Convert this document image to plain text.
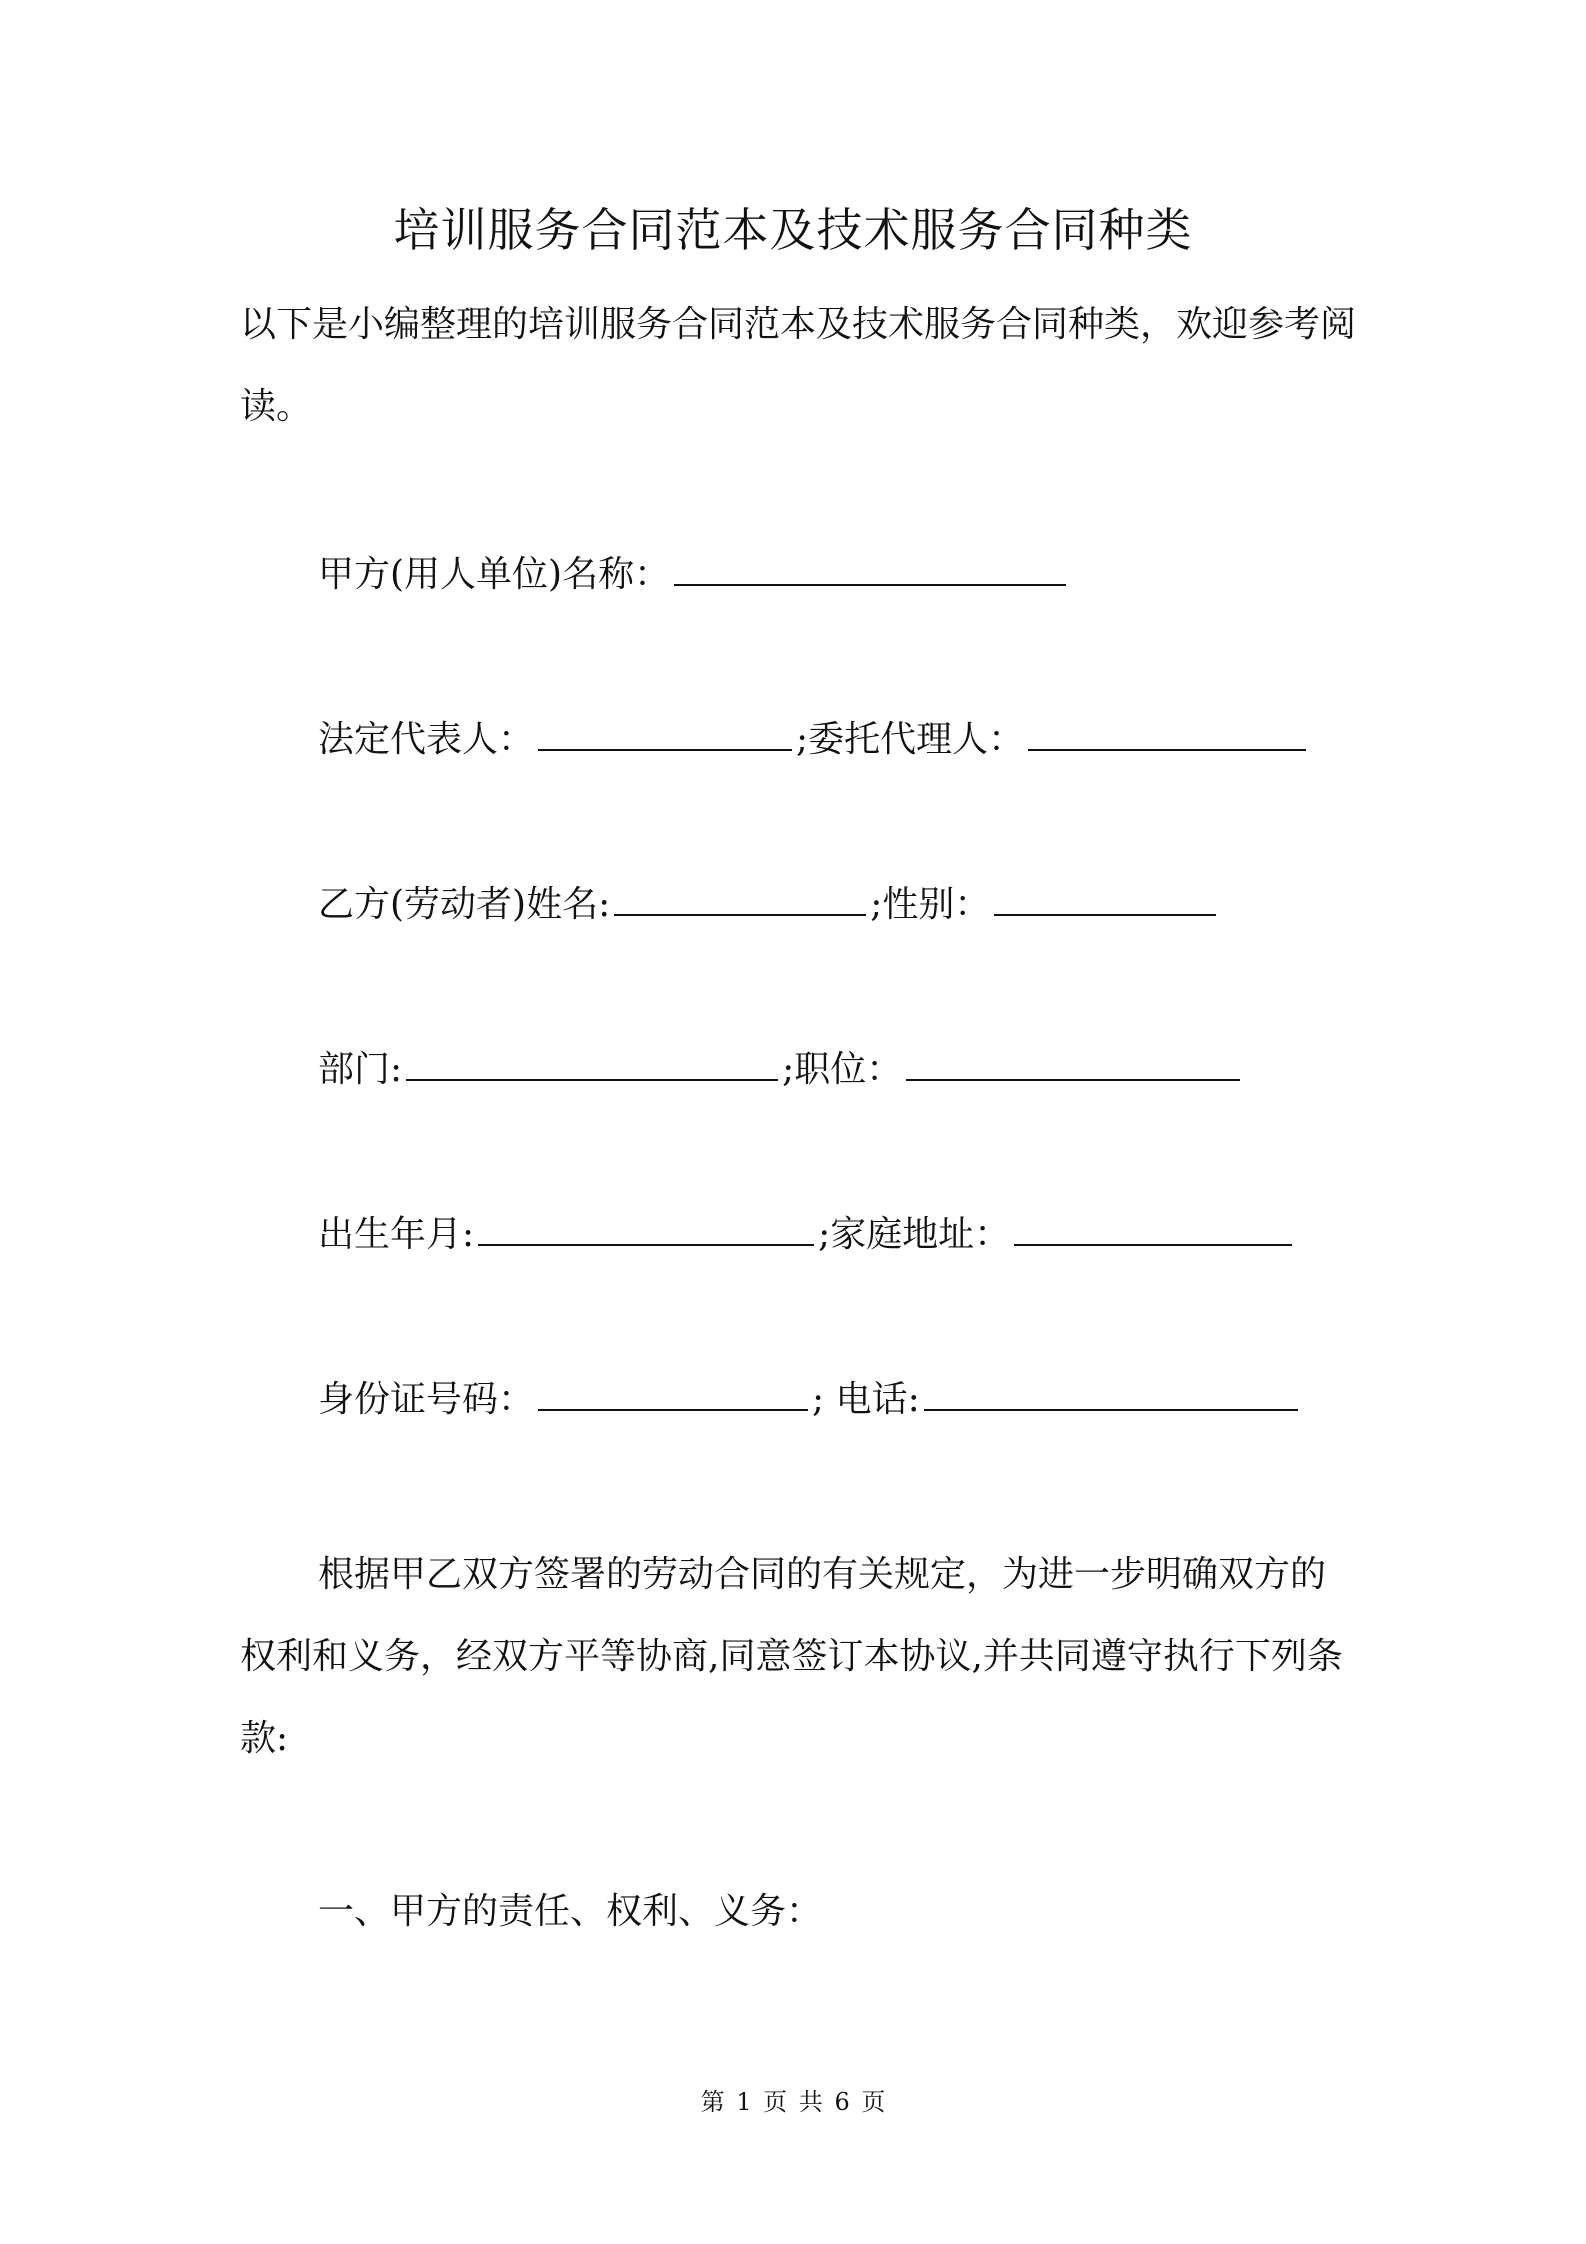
培训服务合同范本及技术服务合同种类
以下是小编整理的培训服务合同范本及技术服务合同种类，欢迎参考阅读。
甲方(用人单位)名称：
法定代表人：	;委托代理人：
乙方(劳动者)姓名:	;性别：
部门:	;职位：
出生年月:	;家庭地址：
身份证号码：	; 电话:
根据甲乙双方签署的劳动合同的有关规定，为进一步明确双方的权利和义务，经双方平等协商,同意签订本协议,并共同遵守执行下列条款:
一、甲方的责任、权利、义务：
第 1 页 共 6 页
